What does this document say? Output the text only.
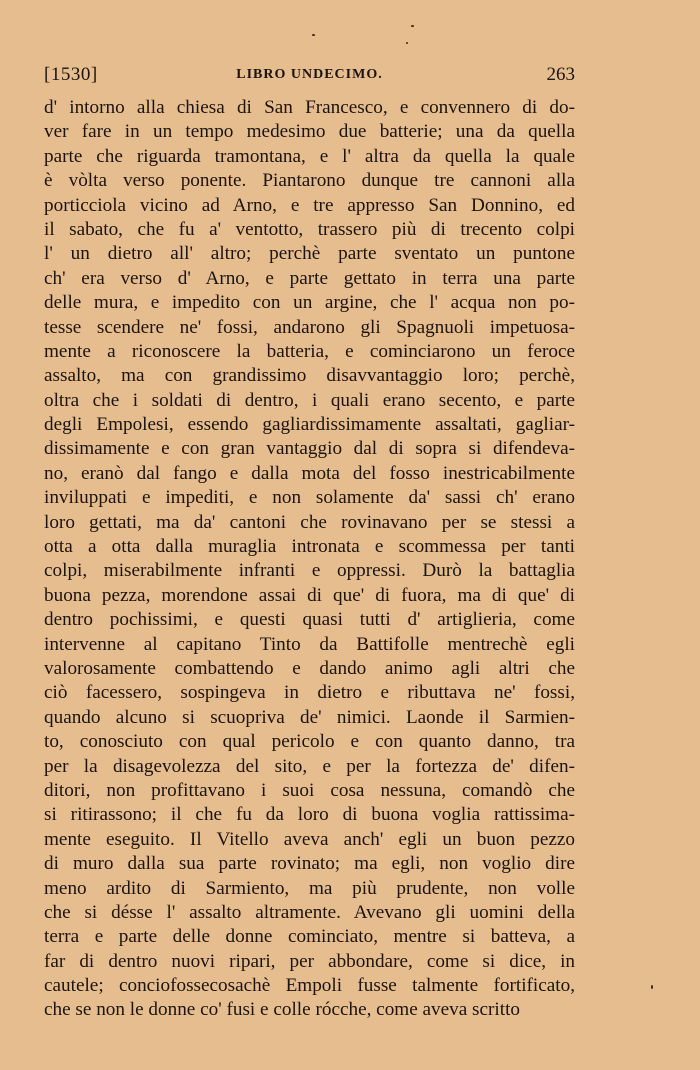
[1530]	LIBRO UNDECIMO.	263
d' intorno alla chiesa di San Francesco, e convennero di do-
ver fare in un tempo medesimo due batterie; una da quella
parte che riguarda tramontana, e l' altra da quella la quale
è vòlta verso ponente. Piantarono dunque tre cannoni alla
porticciola vicino ad Arno, e tre appresso San Donnino, ed
il sabato, che fu a' ventotto, trassero più di trecento colpi
l' un dietro all' altro; perchè parte sventato un puntone
ch' era verso d' Arno, e parte gettato in terra una parte
delle mura, e impedito con un argine, che l' acqua non po-
tesse scendere ne' fossi, andarono gli Spagnuoli impetuosa-
mente a riconoscere la batteria, e cominciarono un feroce
assalto, ma con grandissimo disavvantaggio loro; perchè,
oltra che i soldati di dentro, i quali erano secento, e parte
degli Empolesi, essendo gagliardissimamente assaltati, gagliar-
dissimamente e con gran vantaggio dal di sopra si difendeva-
no, eranò dal fango e dalla mota del fosso inestricabilmente
inviluppati e impediti, e non solamente da' sassi ch' erano
loro gettati, ma da' cantoni che rovinavano per se stessi a
otta a otta dalla muraglia intronata e scommessa per tanti
colpi, miserabilmente infranti e oppressi. Durò la battaglia
buona pezza, morendone assai di que' di fuora, ma di que' di
dentro pochissimi, e questi quasi tutti d' artiglieria, come
intervenne al capitano Tinto da Battifolle mentrechè egli
valorosamente combattendo e dando animo agli altri che
ciò facessero, sospingeva in dietro e ributtava ne' fossi,
quando alcuno si scuopriva de' nimici. Laonde il Sarmien-
to, conosciuto con qual pericolo e con quanto danno, tra
per la disagevolezza del sito, e per la fortezza de' difen-
ditori, non profittavano i suoi cosa nessuna, comandò che
si ritirassono; il che fu da loro di buona voglia rattissima-
mente eseguito. Il Vitello aveva anch' egli un buon pezzo
di muro dalla sua parte rovinato; ma egli, non voglio dire
meno ardito di Sarmiento, ma più prudente, non volle
che si désse l' assalto altramente. Avevano gli uomini della
terra e parte delle donne cominciato, mentre si batteva, a
far di dentro nuovi ripari, per abbondare, come si dice, in
cautele; conciofossecosachè Empoli fusse talmente fortificato,
che se non le donne co' fusi e colle rócche, come aveva scritto
